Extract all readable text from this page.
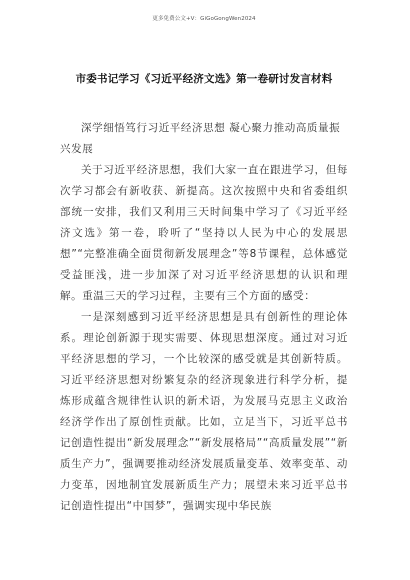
更多免费公文+V：GiGoGongWen2024
市委书记学习《习近平经济文选》第一卷研讨发言材料
深学细悟笃行习近平经济思想 凝心聚力推动高质量振兴发展

关于习近平经济思想，我们大家一直在跟进学习，但每次学习都会有新收获、新提高。这次按照中央和省委组织部统一安排，我们又利用三天时间集中学习了《习近平经济文选》第一卷，聆听了“坚持以人民为中心的发展思想”“完整准确全面贯彻新发展理念”等8节课程，总体感觉受益匪浅，进一步加深了对习近平经济思想的认识和理解。重温三天的学习过程，主要有三个方面的感受：

一是深刻感到习近平经济思想是具有创新性的理论体系。理论创新源于现实需要、体现思想深度。通过对习近平经济思想的学习，一个比较深的感受就是其创新特质。习近平经济思想对纷繁复杂的经济现象进行科学分析，提炼形成蕴含规律性认识的新术语，为发展马克思主义政治经济学作出了原创性贡献。比如，立足当下，习近平总书记创造性提出“新发展理念”“新发展格局”“高质量发展”“新质生产力”，强调要推动经济发展质量变革、效率变革、动力变革，因地制宜发展新质生产力；展望未来习近平总书记创造性提出“中国梦”，强调实现中华民族
